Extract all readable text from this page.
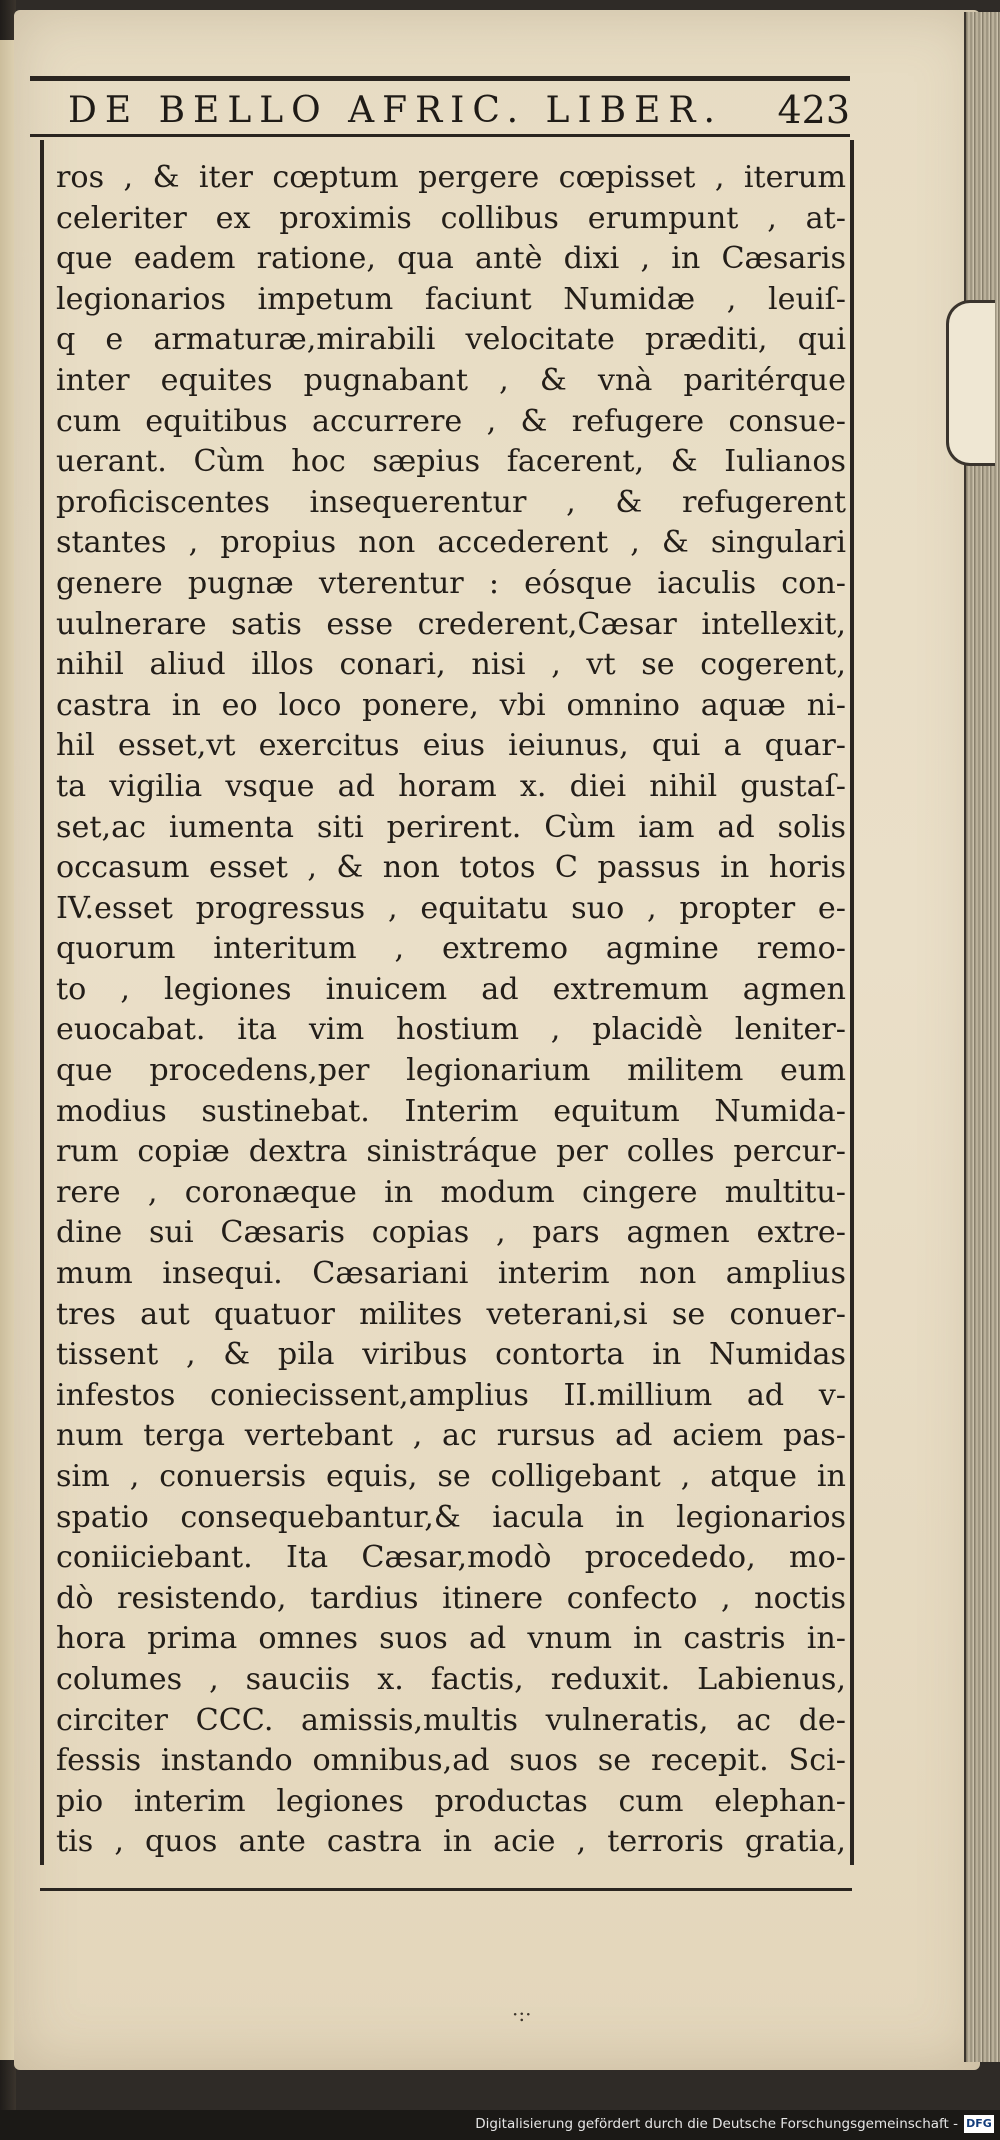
DE BELLO AFRIC. LIBER. 423
ros , & iter cœptum pergere cœpisset , iterum
celeriter ex proximis collibus erumpunt , at-
que eadem ratione, qua antè dixi , in Cæsaris
legionarios impetum faciunt Numidæ , leuiſ-
q e armaturæ,mirabili velocitate præditi, qui
inter equites pugnabant , & vnà paritérque
cum equitibus accurrere , & refugere consue-
uerant. Cùm hoc sæpius facerent, & Iulianos
proficiscentes insequerentur , & refugerent
stantes , propius non accederent , & singulari
genere pugnæ vterentur : eósque iaculis con-
uulnerare satis esse crederent,Cæsar intellexit,
nihil aliud illos conari, nisi , vt se cogerent,
castra in eo loco ponere, vbi omnino aquæ ni-
hil esset,vt exercitus eius ieiunus, qui a quar-
ta vigilia vsque ad horam x. diei nihil gustaſ-
set,ac iumenta siti perirent. Cùm iam ad solis
occasum esset , & non totos C passus in horis
IV.esset progressus , equitatu suo , propter e-
quorum interitum , extremo agmine remo-
to , legiones inuicem ad extremum agmen
euocabat. ita vim hostium , placidè leniter-
que procedens,per legionarium militem eum
modius sustinebat. Interim equitum Numida-
rum copiæ dextra sinistráque per colles percur-
rere , coronæque in modum cingere multitu-
dine sui Cæsaris copias , pars agmen extre-
mum insequi. Cæsariani interim non amplius
tres aut quatuor milites veterani,si se conuer-
tissent , & pila viribus contorta in Numidas
infestos coniecissent,amplius II.millium ad v-
num terga vertebant , ac rursus ad aciem pas-
sim , conuersis equis, se colligebant , atque in
spatio consequebantur,& iacula in legionarios
coniiciebant. Ita Cæsar,modò procededo, mo-
dò resistendo, tardius itinere confecto , noctis
hora prima omnes suos ad vnum in castris in-
columes , sauciis x. factis, reduxit. Labienus,
circiter CCC. amissis,multis vulneratis, ac de-
fessis instando omnibus,ad suos se recepit. Sci-
pio interim legiones productas cum elephan-
tis , quos ante castra in acie , terroris gratia,
·:·
Digitalisierung gefördert durch die Deutsche Forschungsgemeinschaft - DFG
